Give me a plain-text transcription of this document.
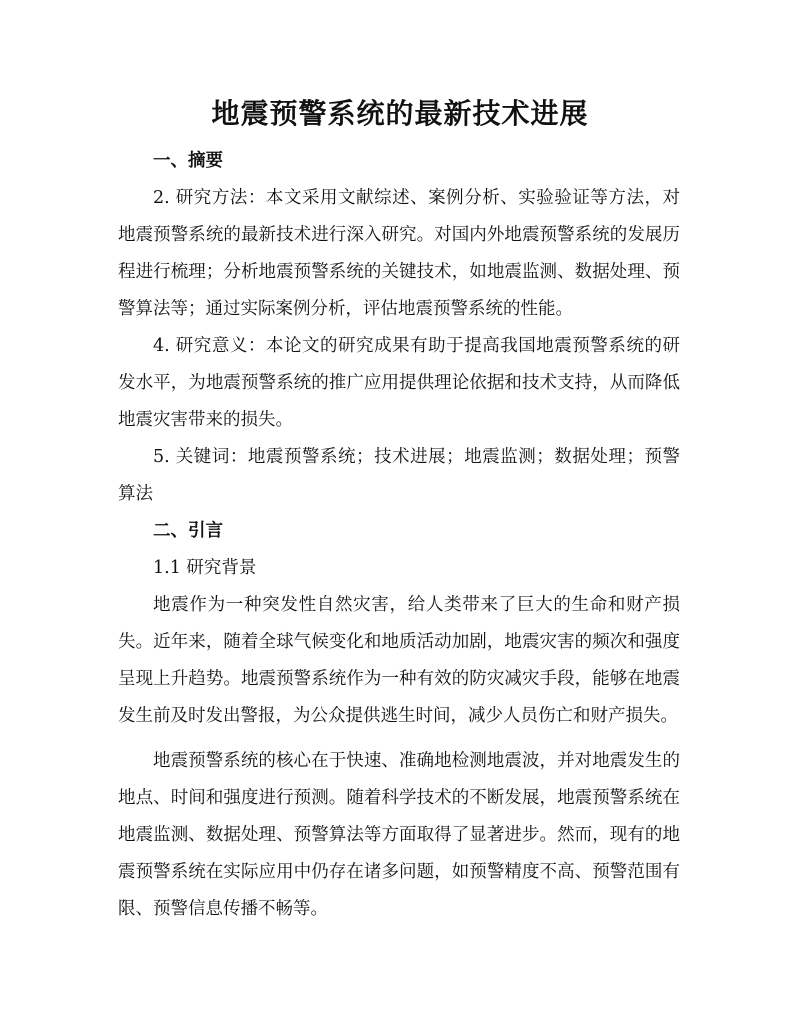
地震预警系统的最新技术进展

一、摘要

2. 研究方法：本文采用文献综述、案例分析、实验验证等方法，对地震预警系统的最新技术进行深入研究。对国内外地震预警系统的发展历程进行梳理；分析地震预警系统的关键技术，如地震监测、数据处理、预警算法等；通过实际案例分析，评估地震预警系统的性能。

4. 研究意义：本论文的研究成果有助于提高我国地震预警系统的研发水平，为地震预警系统的推广应用提供理论依据和技术支持，从而降低地震灾害带来的损失。

5. 关键词：地震预警系统；技术进展；地震监测；数据处理；预警算法

二、引言

1.1 研究背景

地震作为一种突发性自然灾害，给人类带来了巨大的生命和财产损失。近年来，随着全球气候变化和地质活动加剧，地震灾害的频次和强度呈现上升趋势。地震预警系统作为一种有效的防灾减灾手段，能够在地震发生前及时发出警报，为公众提供逃生时间，减少人员伤亡和财产损失。

地震预警系统的核心在于快速、准确地检测地震波，并对地震发生的地点、时间和强度进行预测。随着科学技术的不断发展，地震预警系统在地震监测、数据处理、预警算法等方面取得了显著进步。然而，现有的地震预警系统在实际应用中仍存在诸多问题，如预警精度不高、预警范围有限、预警信息传播不畅等。
